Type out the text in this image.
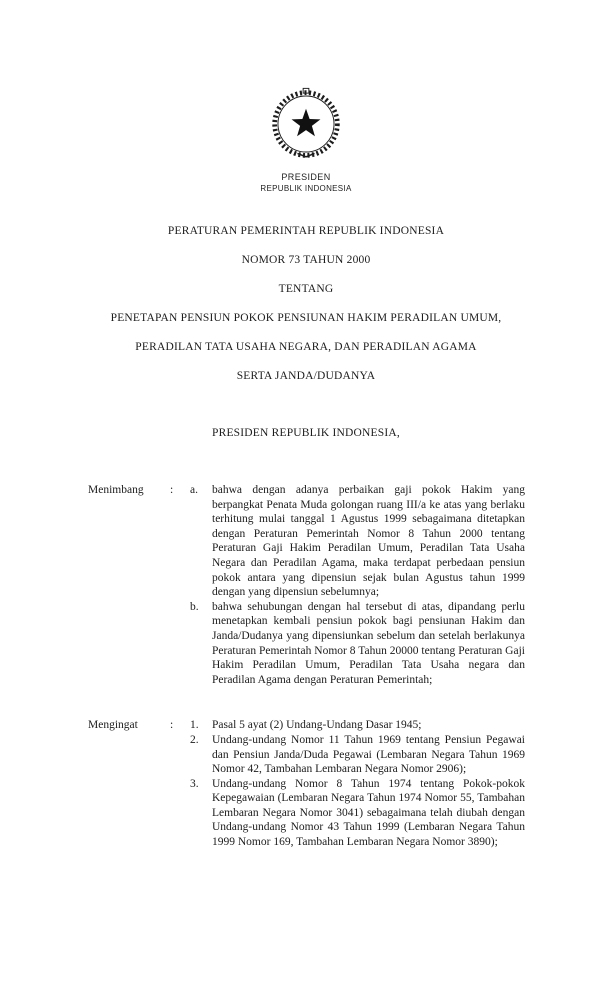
PRESIDEN
REPUBLIK INDONESIA

PERATURAN PEMERINTAH REPUBLIK INDONESIA

NOMOR 73 TAHUN 2000

TENTANG

PENETAPAN PENSIUN POKOK PENSIUNAN HAKIM PERADILAN UMUM,

PERADILAN TATA USAHA NEGARA, DAN PERADILAN AGAMA

SERTA JANDA/DUDANYA

PRESIDEN REPUBLIK INDONESIA,
Menimbang	:	a.	bahwa dengan adanya perbaikan gaji pokok Hakim yang berpangkat Penata Muda golongan ruang III/a ke atas yang berlaku terhitung mulai tanggal 1 Agustus 1999 sebagaimana ditetapkan dengan Peraturan Pemerintah Nomor 8 Tahun 2000 tentang Peraturan Gaji Hakim Peradilan Umum, Peradilan Tata Usaha Negara dan Peradilan Agama, maka terdapat perbedaan pensiun pokok antara yang dipensiun sejak bulan Agustus tahun 1999 dengan yang dipensiun sebelumnya;
b.	bahwa sehubungan dengan hal tersebut di atas, dipandang perlu menetapkan kembali pensiun pokok bagi pensiunan Hakim dan Janda/Dudanya yang dipensiunkan sebelum dan setelah berlakunya Peraturan Pemerintah Nomor 8 Tahun 20000 tentang Peraturan Gaji Hakim Peradilan Umum, Peradilan Tata Usaha negara dan Peradilan Agama dengan Peraturan Pemerintah;
Mengingat	:	1.	Pasal 5 ayat (2) Undang-Undang Dasar 1945;
2.	Undang-undang Nomor 11 Tahun 1969 tentang Pensiun Pegawai dan Pensiun Janda/Duda Pegawai (Lembaran Negara Tahun 1969 Nomor 42, Tambahan Lembaran Negara Nomor 2906);
3.	Undang-undang Nomor 8 Tahun 1974 tentang Pokok-pokok Kepegawaian (Lembaran Negara Tahun 1974 Nomor 55, Tambahan Lembaran Negara Nomor 3041) sebagaimana telah diubah dengan Undang-undang Nomor 43 Tahun 1999 (Lembaran Negara Tahun 1999 Nomor 169, Tambahan Lembaran Negara Nomor 3890);
